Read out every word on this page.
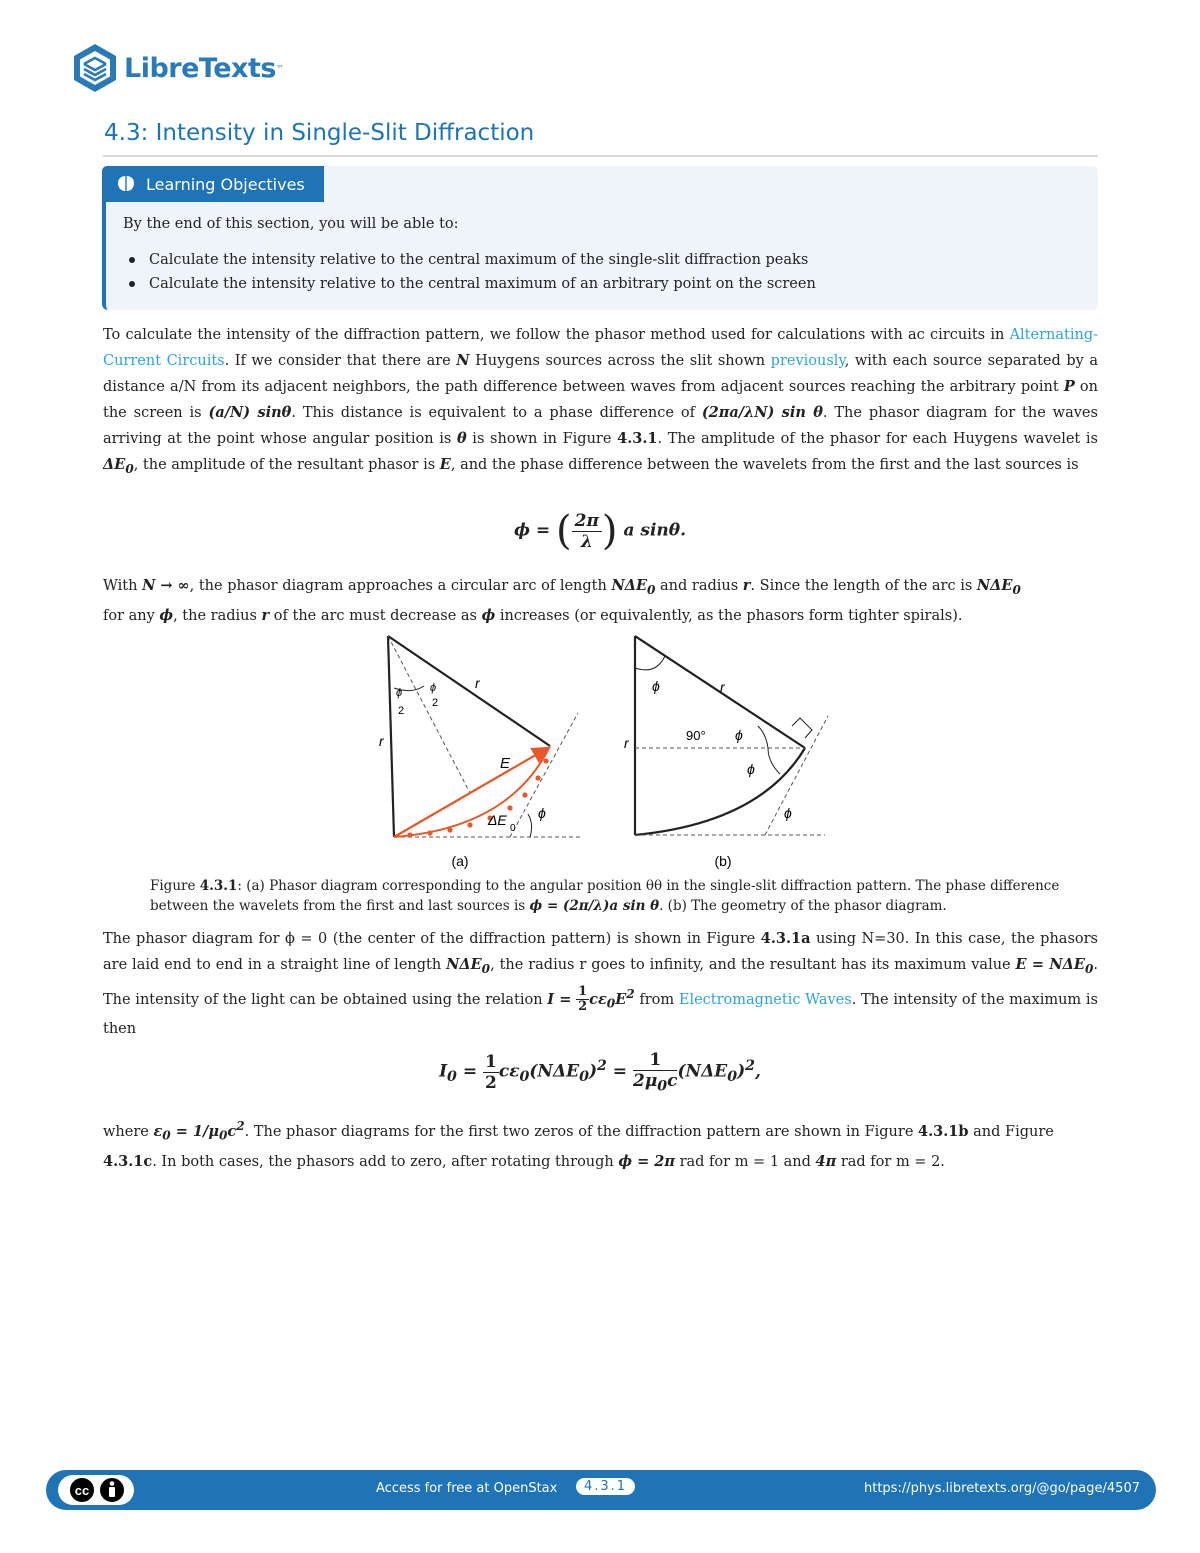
LibreTexts ™
4.3: Intensity in Single-Slit Diffraction
Learning Objectives

By the end of this section, you will be able to:

Calculate the intensity relative to the central maximum of the single-slit diffraction peaks
Calculate the intensity relative to the central maximum of an arbitrary point on the screen

To calculate the intensity of the diffraction pattern, we follow the phasor method used for calculations with ac circuits in Alternating-Current Circuits. If we consider that there are N Huygens sources across the slit shown previously, with each source separated by a distance a/N from its adjacent neighbors, the path difference between waves from adjacent sources reaching the arbitrary point P on the screen is (a/N) sinθ. This distance is equivalent to a phase difference of (2πa/λN) sin θ. The phasor diagram for the waves arriving at the point whose angular position is θ is shown in Figure 4.3.1. The amplitude of the phasor for each Huygens wavelet is $\Delta E_0$, the amplitude of the resultant phasor is E, and the phase difference between the wavelets from the first and the last sources is

ϕ = ( $\frac{2\pi}{\lambda}$ ) a sinθ.

With N → ∞, the phasor diagram approaches a circular arc of length $N\Delta E_0$ and radius r. Since the length of the arc is $N\Delta E_0$
for any ϕ, the radius r of the arc must decrease as ϕ increases (or equivalently, as the phasors form tighter spirals).

r
r
ϕ
2
ϕ
2
E
ΔE
0
ϕ
(a)
r
r
ϕ
90° ϕ
ϕ
ϕ
(b)

Figure 4.3.1: (a) Phasor diagram corresponding to the angular position θθ in the single-slit diffraction pattern. The phase difference between the wavelets from the first and last sources is ϕ = (2π/λ)a sin θ. (b) The geometry of the phasor diagram.

The phasor diagram for ϕ = 0 (the center of the diffraction pattern) is shown in Figure 4.3.1a using N=30. In this case, the phasors are laid end to end in a straight line of length $N\Delta E_0$, the radius r goes to infinity, and the resultant has its maximum value $E = N\Delta E_0$. The intensity of the light can be obtained using the relation $I = \frac{1}{2} c\varepsilon_0E^2$ from Electromagnetic Waves. The intensity of the maximum is then

$I_0 = \frac{1}{2} c\varepsilon_0(N\Delta E_0)^2 = \frac{1}{2\mu_0c} (N\Delta E_0)^2$,

where $\varepsilon_0 = 1/\mu_0c^2$. The phasor diagrams for the first two zeros of the diffraction pattern are shown in Figure 4.3.1b and Figure
4.3.1c. In both cases, the phasors add to zero, after rotating through ϕ = 2π rad for m = 1 and 4π rad for m = 2.

cc	Access for free at OpenStax	4.3.1	https://phys.libretexts.org/@go/page/4507
